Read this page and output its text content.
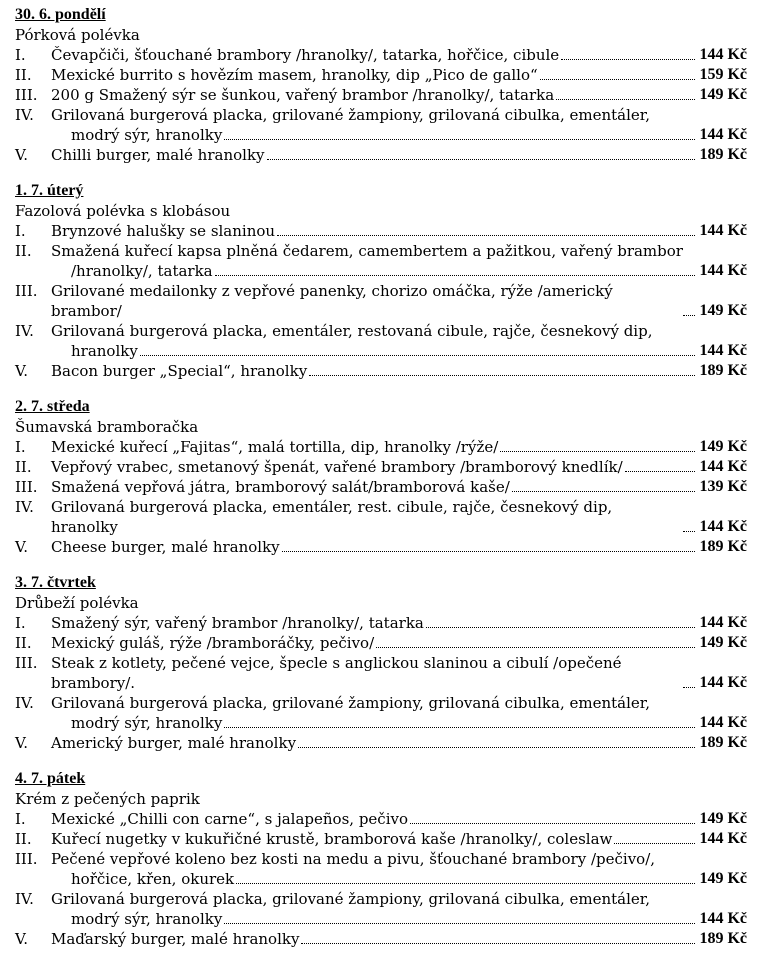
30. 6. pondělí
Pórková polévka
I.	Čevapčiči, šťouchané brambory /hranolky/, tatarka, hořčice, cibule	144 Kč
II.	Mexické burrito s hovězím masem, hranolky, dip „Pico de gallo“	159 Kč
III. 200 g Smažený sýr se šunkou, vařený brambor /hranolky/, tatarka	149 Kč
IV.	Grilovaná burgerová placka, grilované žampiony, grilovaná cibulka, ementáler,
modrý sýr, hranolky	144 Kč
V.	Chilli burger, malé hranolky	189 Kč
1. 7. úterý
Fazolová polévka s klobásou
I.	Brynzové halušky se slaninou	144 Kč
II.	Smažená kuřecí kapsa plněná čedarem, camembertem a pažitkou, vařený brambor
/hranolky/, tatarka	144 Kč
III. Grilované medailonky z vepřové panenky, chorizo omáčka, rýže /americký brambor/	149 Kč
IV.	Grilovaná burgerová placka, ementáler, restovaná cibule, rajče, česnekový dip,
hranolky	144 Kč
V.	Bacon burger „Special“, hranolky	189 Kč
2. 7. středa
Šumavská bramboračka
I.	Mexické kuřecí „Fajitas“, malá tortilla, dip, hranolky /rýže/	149 Kč
II.	Vepřový vrabec, smetanový špenát, vařené brambory /bramborový knedlík/	144 Kč
III. Smažená vepřová játra, bramborový salát/bramborová kaše/	139 Kč
IV.	Grilovaná burgerová placka, ementáler, rest. cibule, rajče, česnekový dip, hranolky	144 Kč
V.	Cheese burger, malé hranolky	189 Kč
3. 7. čtvrtek
Drůbeží polévka
I.	Smažený sýr, vařený brambor /hranolky/, tatarka	144 Kč
II.	Mexický guláš, rýže /bramboráčky, pečivo/	149 Kč
III. Steak z kotlety, pečené vejce, špecle s anglickou slaninou a cibulí /opečené brambory/.	144 Kč
IV.	Grilovaná burgerová placka, grilované žampiony, grilovaná cibulka, ementáler,
modrý sýr, hranolky	144 Kč
V.	Americký burger, malé hranolky	189 Kč
4. 7. pátek
Krém z pečených paprik
I.	Mexické „Chilli con carne“, s jalapeños, pečivo	149 Kč
II.	Kuřecí nugetky v kukuřičné krustě, bramborová kaše /hranolky/, coleslaw	144 Kč
III. Pečené vepřové koleno bez kosti na medu a pivu, šťouchané brambory /pečivo/,
hořčice, křen, okurek	149 Kč
IV.	Grilovaná burgerová placka, grilované žampiony, grilovaná cibulka, ementáler,
modrý sýr, hranolky	144 Kč
V.	Maďarský burger, malé hranolky	189 Kč
